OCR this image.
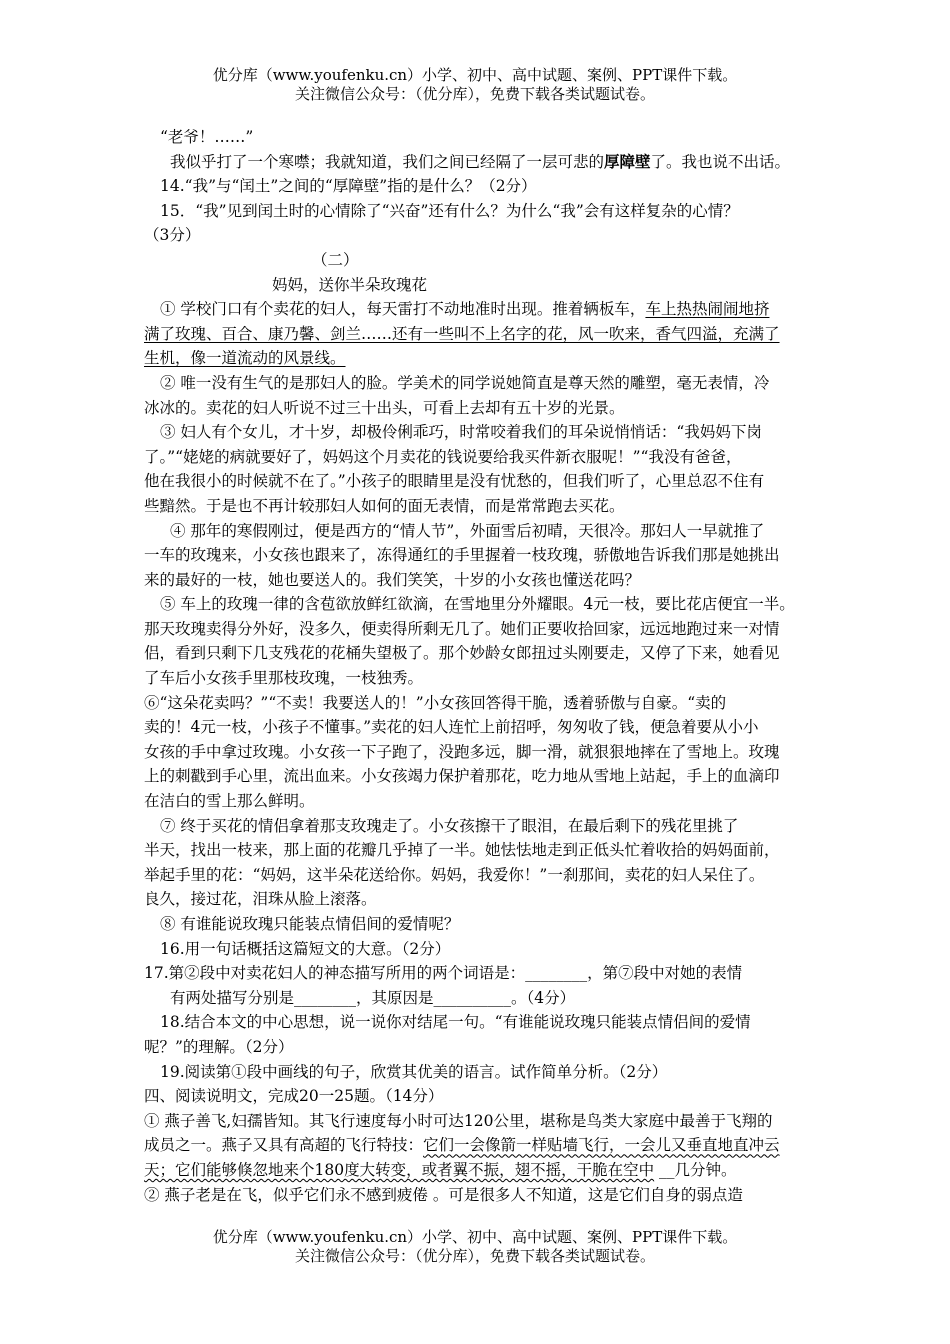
优分库（www.youfenku.cn）小学、初中、高中试题、案例、PPT课件下载。
关注微信公众号：（优分库），免费下载各类试题试卷。

“老爷！……”

我似乎打了一个寒噤；我就知道，我们之间已经隔了一层可悲的厚障壁了。我也说不出话。

14.“我”与“闰土”之间的“厚障壁”指的是什么？（2分）

15．“我”见到闰土时的心情除了“兴奋”还有什么？为什么“我”会有这样复杂的心情？

（3分）

（二）

妈妈，送你半朵玫瑰花

① 学校门口有个卖花的妇人，每天雷打不动地准时出现。推着辆板车，车上热热闹闹地挤

满了玫瑰、百合、康乃馨、剑兰……还有一些叫不上名字的花，风一吹来，香气四溢，充满了

生机，像一道流动的风景线。

② 唯一没有生气的是那妇人的脸。学美术的同学说她简直是尊天然的雕塑，毫无表情，冷

冰冰的。卖花的妇人听说不过三十出头，可看上去却有五十岁的光景。

③ 妇人有个女儿，才十岁，却极伶俐乖巧，时常咬着我们的耳朵说悄悄话：“我妈妈下岗

了。”“姥姥的病就要好了，妈妈这个月卖花的钱说要给我买件新衣服呢！”“我没有爸爸，

他在我很小的时候就不在了。”小孩子的眼睛里是没有忧愁的，但我们听了，心里总忍不住有

些黯然。于是也不再计较那妇人如何的面无表情，而是常常跑去买花。

④ 那年的寒假刚过，便是西方的“情人节”，外面雪后初晴，天很冷。那妇人一早就推了

一车的玫瑰来，小女孩也跟来了，冻得通红的手里握着一枝玫瑰，骄傲地告诉我们那是她挑出

来的最好的一枝，她也要送人的。我们笑笑，十岁的小女孩也懂送花吗？

⑤ 车上的玫瑰一律的含苞欲放鲜红欲滴，在雪地里分外耀眼。4元一枝，要比花店便宜一半。

那天玫瑰卖得分外好，没多久，便卖得所剩无几了。她们正要收拾回家，远远地跑过来一对情

侣，看到只剩下几支残花的花桶失望极了。那个妙龄女郎扭过头刚要走，又停了下来，她看见

了车后小女孩手里那枝玫瑰，一枝独秀。

⑥“这朵花卖吗？”“不卖！我要送人的！”小女孩回答得干脆，透着骄傲与自豪。“卖的

卖的！4元一枝，小孩子不懂事。”卖花的妇人连忙上前招呼，匆匆收了钱，便急着要从小小

女孩的手中拿过玫瑰。小女孩一下子跑了，没跑多远，脚一滑，就狠狠地摔在了雪地上。玫瑰

上的刺戳到手心里，流出血来。小女孩竭力保护着那花，吃力地从雪地上站起，手上的血滴印

在洁白的雪上那么鲜明。

⑦ 终于买花的情侣拿着那支玫瑰走了。小女孩擦干了眼泪，在最后剩下的残花里挑了

半天，找出一枝来，那上面的花瓣几乎掉了一半。她怯怯地走到正低头忙着收拾的妈妈面前，

举起手里的花：“妈妈，这半朵花送给你。妈妈，我爱你！”一刹那间，卖花的妇人呆住了。

良久，接过花，泪珠从脸上滚落。

⑧ 有谁能说玫瑰只能装点情侣间的爱情呢？

16.用一句话概括这篇短文的大意。（2分）

17.第②段中对卖花妇人的神态描写所用的两个词语是：________，第⑦段中对她的表情

有两处描写分别是________，其原因是__________。（4分）

18.结合本文的中心思想，说一说你对结尾一句。“有谁能说玫瑰只能装点情侣间的爱情

呢？”的理解。（2分）

19.阅读第①段中画线的句子，欣赏其优美的语言。试作简单分析。（2分）

四、阅读说明文，完成20一25题。（14分）

① 燕子善飞,妇孺皆知。其飞行速度每小时可达120公里，堪称是鸟类大家庭中最善于飞翔的

成员之一。燕子又具有高超的飞行特技：它们一会像箭一样贴墙飞行，一会儿又垂直地直冲云

天；它们能够倏忽地来个180度大转变，或者翼不振，翅不摇，干脆在空中 __几分钟。

② 燕子老是在飞，似乎它们永不感到疲倦 。可是很多人不知道，这是它们自身的弱点造

优分库（www.youfenku.cn）小学、初中、高中试题、案例、PPT课件下载。
关注微信公众号：（优分库），免费下载各类试题试卷。
